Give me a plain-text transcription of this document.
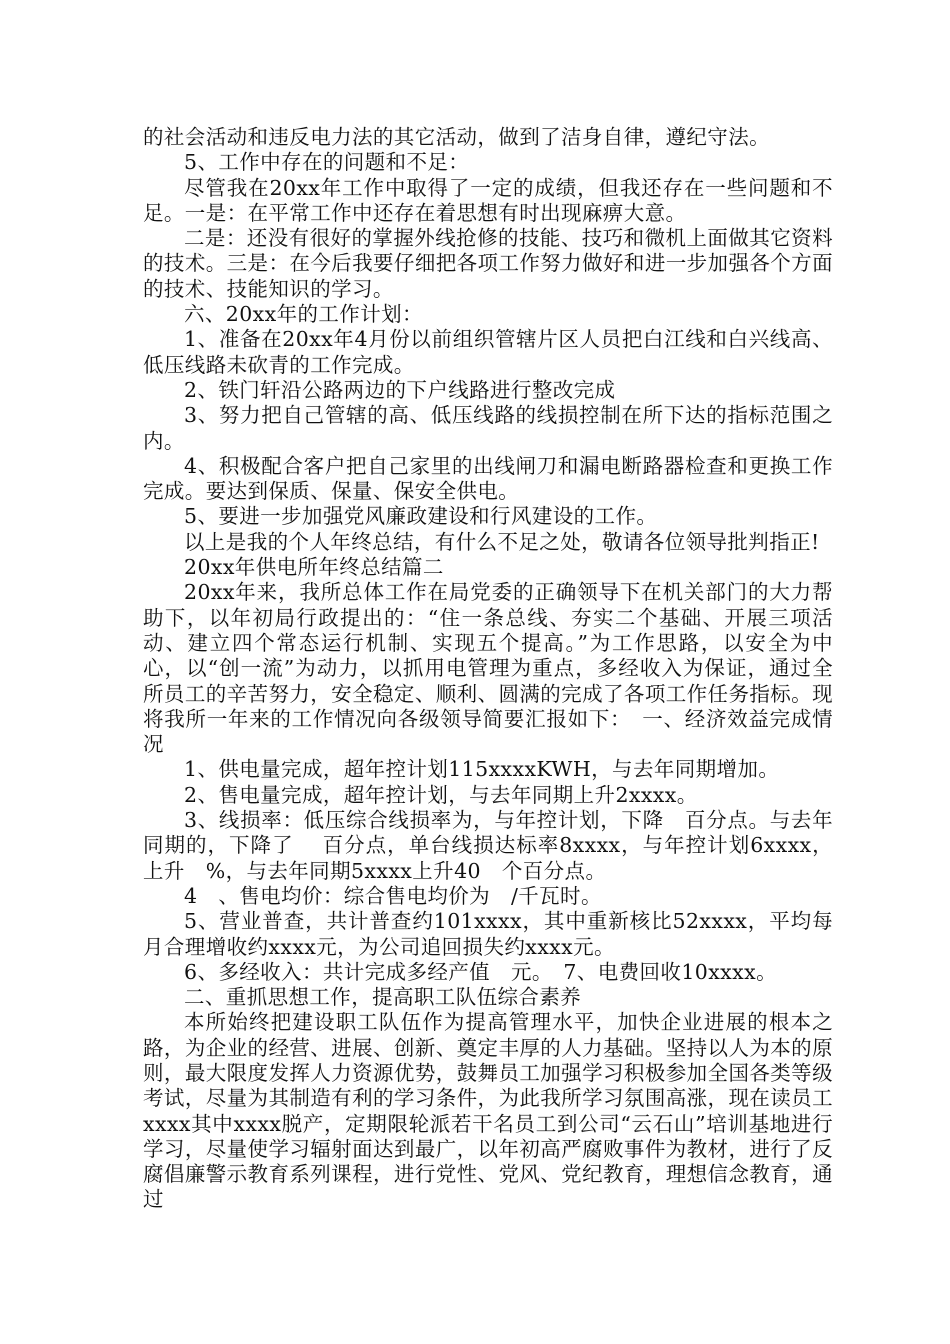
的社会活动和违反电力法的其它活动，做到了洁身自律，遵纪守法。

5、工作中存在的问题和不足：

尽管我在20xx年工作中取得了一定的成绩，但我还存在一些问题和不足。一是：在平常工作中还存在着思想有时出现麻痹大意。

二是：还没有很好的掌握外线抢修的技能、技巧和微机上面做其它资料的技术。三是：在今后我要仔细把各项工作努力做好和进一步加强各个方面的技术、技能知识的学习。

六、20xx年的工作计划：

1、准备在20xx年4月份以前组织管辖片区人员把白江线和白兴线高、低压线路未砍青的工作完成。

2、铁门轩沿公路两边的下户线路进行整改完成

3、努力把自己管辖的高、低压线路的线损控制在所下达的指标范围之内。

4、积极配合客户把自己家里的出线闸刀和漏电断路器检查和更换工作完成。要达到保质、保量、保安全供电。

5、要进一步加强党风廉政建设和行风建设的工作。

以上是我的个人年终总结，有什么不足之处，敬请各位领导批判指正!

20xx年供电所年终总结篇二

20xx年来，我所总体工作在局党委的正确领导下在机关部门的大力帮助下，以年初局行政提出的：“住一条总线、夯实二个基础、开展三项活动、建立四个常态运行机制、实现五个提高。”为工作思路，以安全为中心，以“创一流”为动力，以抓用电管理为重点，多经收入为保证，通过全所员工的辛苦努力，安全稳定、顺利、圆满的完成了各项工作任务指标。现将我所一年来的工作情况向各级领导简要汇报如下：　一、经济效益完成情况

1、供电量完成，超年控计划115xxxxKWH，与去年同期增加。

2、售电量完成，超年控计划，与去年同期上升2xxxx。

3、线损率：低压综合线损率为，与年控计划，下降　百分点。与去年同期的，下降了　 百分点，单台线损达标率8xxxx，与年控计划6xxxx，上升　%，与去年同期5xxxx上升40　个百分点。

4　、售电均价：综合售电均价为　/千瓦时。

5、营业普查，共计普查约101xxxx，其中重新核比52xxxx，平均每月合理增收约xxxx元，为公司追回损失约xxxx元。

6、多经收入：共计完成多经产值　元。　7、电费回收10xxxx。

二、重抓思想工作，提高职工队伍综合素养

本所始终把建设职工队伍作为提高管理水平，加快企业进展的根本之路，为企业的经营、进展、创新、奠定丰厚的人力基础。坚持以人为本的原则，最大限度发挥人力资源优势，鼓舞员工加强学习积极参加全国各类等级考试，尽量为其制造有利的学习条件，为此我所学习氛围高涨，现在读员工xxxx其中xxxx脱产，定期限轮派若干名员工到公司“云石山”培训基地进行学习，尽量使学习辐射面达到最广，以年初高严腐败事件为教材，进行了反腐倡廉警示教育系列课程，进行党性、党风、党纪教育，理想信念教育，通过
